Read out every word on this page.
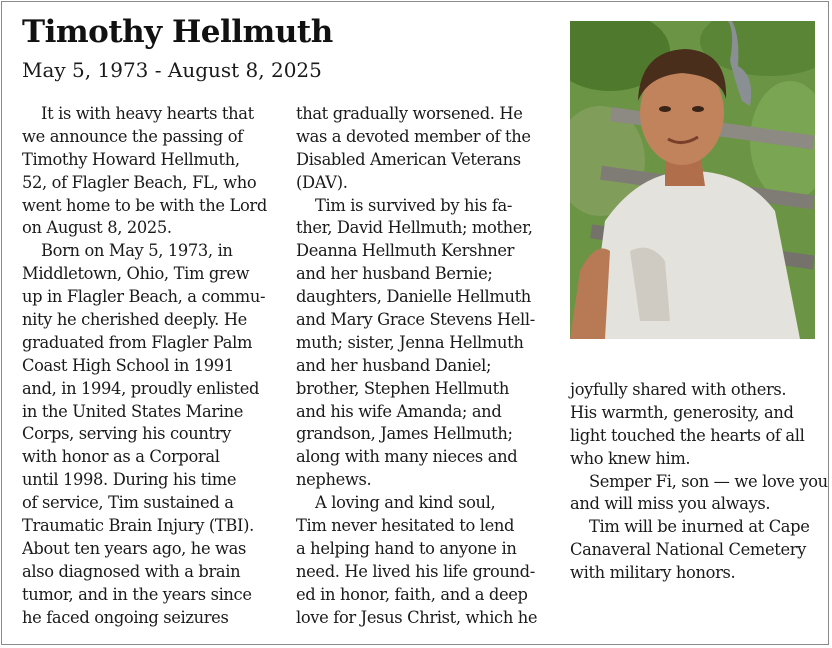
Timothy Hellmuth
May 5, 1973 - August 8, 2025
It is with heavy hearts that
we announce the passing of
Timothy Howard Hellmuth,
52, of Flagler Beach, FL, who
went home to be with the Lord
on August 8, 2025.
Born on May 5, 1973, in
Middletown, Ohio, Tim grew
up in Flagler Beach, a commu-
nity he cherished deeply. He
graduated from Flagler Palm
Coast High School in 1991
and, in 1994, proudly enlisted
in the United States Marine
Corps, serving his country
with honor as a Corporal
until 1998. During his time
of service, Tim sustained a
Traumatic Brain Injury (TBI).
About ten years ago, he was
also diagnosed with a brain
tumor, and in the years since
he faced ongoing seizures
that gradually worsened. He
was a devoted member of the
Disabled American Veterans
(DAV).
Tim is survived by his fa-
ther, David Hellmuth; mother,
Deanna Hellmuth Kershner
and her husband Bernie;
daughters, Danielle Hellmuth
and Mary Grace Stevens Hell-
muth; sister, Jenna Hellmuth
and her husband Daniel;
brother, Stephen Hellmuth
and his wife Amanda; and
grandson, James Hellmuth;
along with many nieces and
nephews.
A loving and kind soul,
Tim never hesitated to lend
a helping hand to anyone in
need. He lived his life ground-
ed in honor, faith, and a deep
love for Jesus Christ, which he
joyfully shared with others.
His warmth, generosity, and
light touched the hearts of all
who knew him.
Semper Fi, son — we love you
and will miss you always.
Tim will be inurned at Cape
Canaveral National Cemetery
with military honors.
